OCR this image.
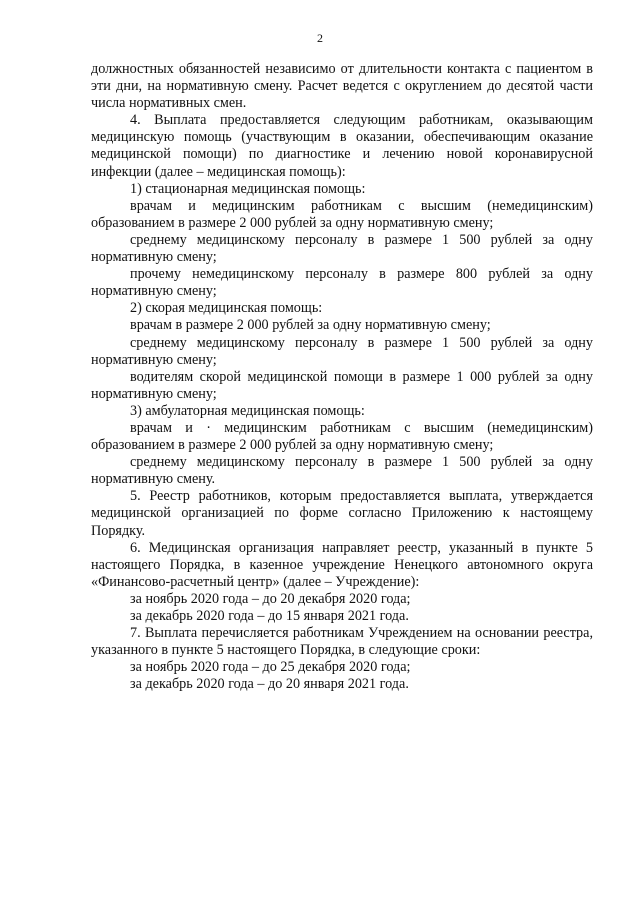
2

должностных обязанностей независимо от длительности контакта с пациентом в эти дни, на нормативную смену. Расчет ведется с округлением до десятой части числа нормативных смен.

4. Выплата предоставляется следующим работникам, оказывающим медицинскую помощь (участвующим в оказании, обеспечивающим оказание медицинской помощи) по диагностике и лечению новой коронавирусной инфекции (далее – медицинская помощь):

1) стационарная медицинская помощь:

врачам и медицинским работникам с высшим (немедицинским) образованием в размере 2 000 рублей за одну нормативную смену;

среднему медицинскому персоналу в размере 1 500 рублей за одну нормативную смену;

прочему немедицинскому персоналу в размере 800 рублей за одну нормативную смену;

2) скорая медицинская помощь:

врачам в размере 2 000 рублей за одну нормативную смену;

среднему медицинскому персоналу в размере 1 500 рублей за одну нормативную смену;

водителям скорой медицинской помощи в размере 1 000 рублей за одну нормативную смену;

3) амбулаторная медицинская помощь:

врачам и · медицинским работникам с высшим (немедицинским) образованием в размере 2 000 рублей за одну нормативную смену;

среднему медицинскому персоналу в размере 1 500 рублей за одну нормативную смену.

5. Реестр работников, которым предоставляется выплата, утверждается медицинской организацией по форме согласно Приложению к настоящему Порядку.

6. Медицинская организация направляет реестр, указанный в пункте 5 настоящего Порядка, в казенное учреждение Ненецкого автономного округа «Финансово-расчетный центр» (далее – Учреждение):

за ноябрь 2020 года – до 20 декабря 2020 года;

за декабрь 2020 года – до 15 января 2021 года.

7. Выплата перечисляется работникам Учреждением на основании реестра, указанного в пункте 5 настоящего Порядка, в следующие сроки:

за ноябрь 2020 года – до 25 декабря 2020 года;

за декабрь 2020 года – до 20 января 2021 года.
